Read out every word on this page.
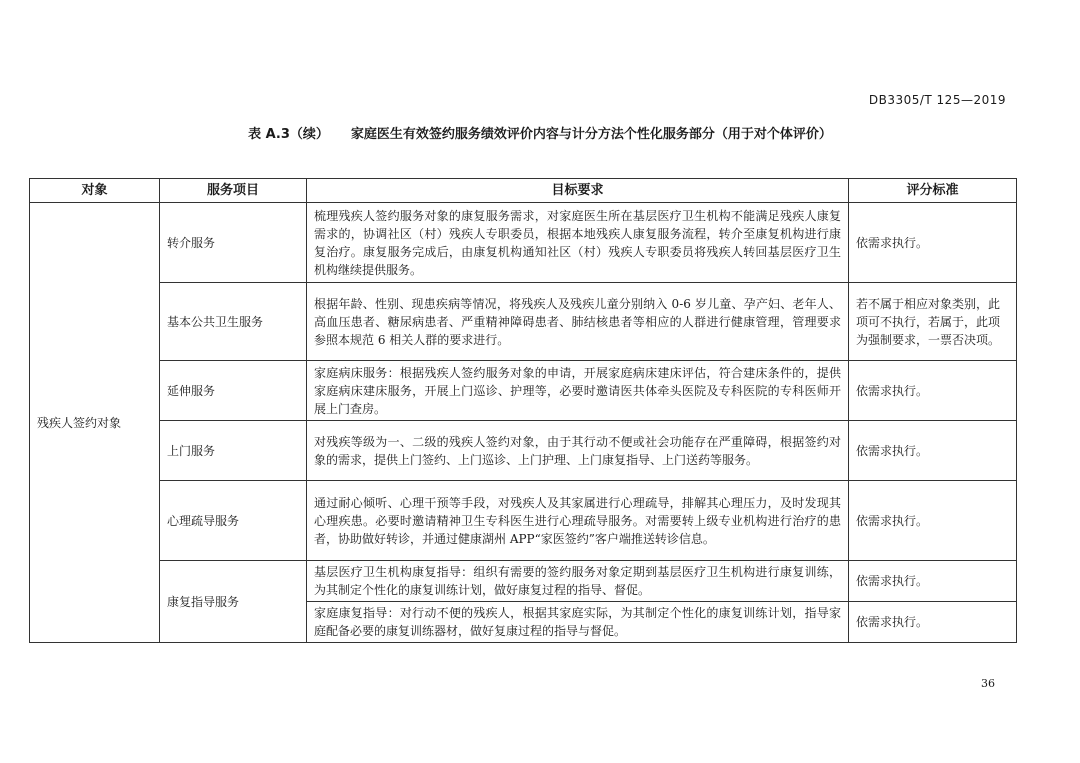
DB3305/T 125—2019
表 A.3（续） 家庭医生有效签约服务绩效评价内容与计分方法个性化服务部分（用于对个体评价）
对象	服务项目	目标要求	评分标准
残疾人签约对象	转介服务	梳理残疾人签约服务对象的康复服务需求，对家庭医生所在基层医疗卫生机构不能满足残疾人康复需求的，协调社区（村）残疾人专职委员，根据本地残疾人康复服务流程，转介至康复机构进行康复治疗。康复服务完成后，由康复机构通知社区（村）残疾人专职委员将残疾人转回基层医疗卫生机构继续提供服务。	依需求执行。
	基本公共卫生服务	根据年龄、性别、现患疾病等情况，将残疾人及残疾儿童分别纳入 0-6 岁儿童、孕产妇、老年人、高血压患者、糖尿病患者、严重精神障碍患者、肺结核患者等相应的人群进行健康管理，管理要求参照本规范 6 相关人群的要求进行。	若不属于相应对象类别，此项可不执行，若属于，此项为强制要求，一票否决项。
	延伸服务	家庭病床服务：根据残疾人签约服务对象的申请，开展家庭病床建床评估，符合建床条件的，提供家庭病床建床服务，开展上门巡诊、护理等，必要时邀请医共体牵头医院及专科医院的专科医师开展上门查房。	依需求执行。
	上门服务	对残疾等级为一、二级的残疾人签约对象，由于其行动不便或社会功能存在严重障碍，根据签约对象的需求，提供上门签约、上门巡诊、上门护理、上门康复指导、上门送药等服务。	依需求执行。
	心理疏导服务	通过耐心倾听、心理干预等手段，对残疾人及其家属进行心理疏导，排解其心理压力，及时发现其心理疾患。必要时邀请精神卫生专科医生进行心理疏导服务。对需要转上级专业机构进行治疗的患者，协助做好转诊，并通过健康湖州 APP“家医签约”客户端推送转诊信息。	依需求执行。
	康复指导服务	基层医疗卫生机构康复指导：组织有需要的签约服务对象定期到基层医疗卫生机构进行康复训练，为其制定个性化的康复训练计划，做好康复过程的指导、督促。	依需求执行。
		家庭康复指导：对行动不便的残疾人，根据其家庭实际，为其制定个性化的康复训练计划，指导家庭配备必要的康复训练器材，做好复康过程的指导与督促。	依需求执行。
36
